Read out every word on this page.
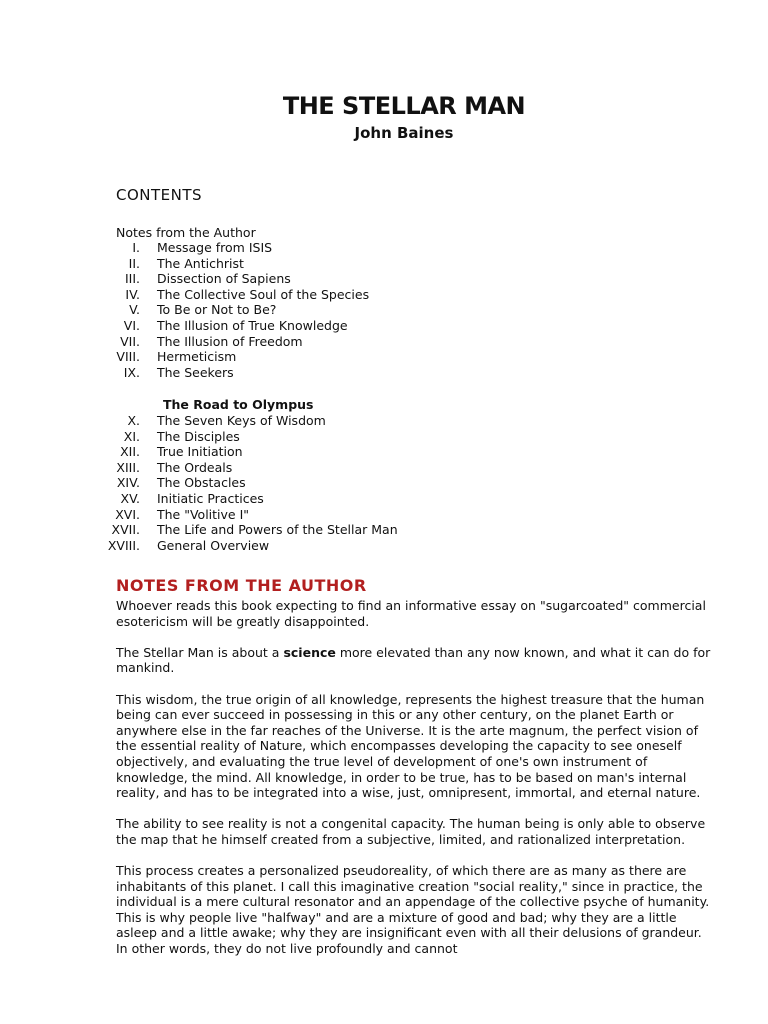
THE STELLAR MAN
John Baines
CONTENTS
Notes from the Author
I. Message from ISIS
II. The Antichrist
III. Dissection of Sapiens
IV. The Collective Soul of the Species
V. To Be or Not to Be?
VI. The Illusion of True Knowledge
VII. The Illusion of Freedom
VIII. Hermeticism
IX. The Seekers
The Road to Olympus
X. The Seven Keys of Wisdom
XI. The Disciples
XII. True Initiation
XIII. The Ordeals
XIV. The Obstacles
XV. Initiatic Practices
XVI. The "Volitive I"
XVII. The Life and Powers of the Stellar Man
XVIII. General Overview
NOTES FROM THE AUTHOR

Whoever reads this book expecting to find an informative essay on "sugarcoated" commercial esotericism will be greatly disappointed.

The Stellar Man is about a science more elevated than any now known, and what it can do for mankind.

This wisdom, the true origin of all knowledge, represents the highest treasure that the human being can ever succeed in possessing in this or any other century, on the planet Earth or anywhere else in the far reaches of the Universe. It is the arte magnum, the perfect vision of the essential reality of Nature, which encompasses developing the capacity to see oneself objectively, and evaluating the true level of development of one's own instrument of knowledge, the mind. All knowledge, in order to be true, has to be based on man's internal reality, and has to be integrated into a wise, just, omnipresent, immortal, and eternal nature.

The ability to see reality is not a congenital capacity. The human being is only able to observe the map that he himself created from a subjective, limited, and rationalized interpretation.

This process creates a personalized pseudoreality, of which there are as many as there are inhabitants of this planet. I call this imaginative creation "social reality," since in practice, the individual is a mere cultural resonator and an appendage of the collective psyche of humanity. This is why people live "halfway" and are a mixture of good and bad; why they are a little asleep and a little awake; why they are insignificant even with all their delusions of grandeur. In other words, they do not live profoundly and cannot
